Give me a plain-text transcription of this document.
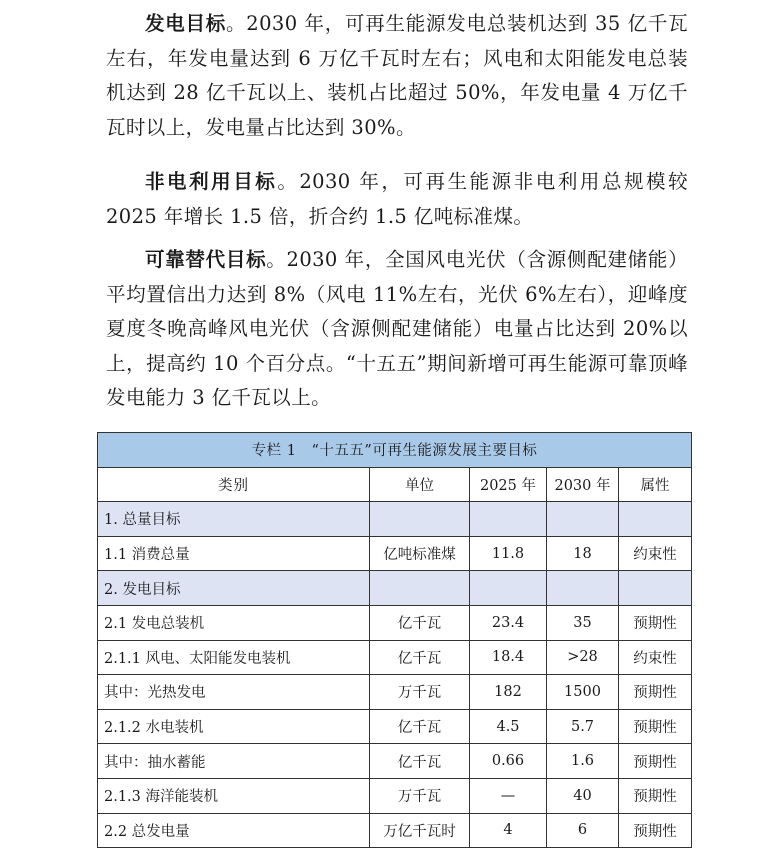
发电目标。2030 年，可再生能源发电总装机达到 35 亿千瓦左右，年发电量达到 6 万亿千瓦时左右；风电和太阳能发电总装机达到 28 亿千瓦以上、装机占比超过 50%，年发电量 4 万亿千瓦时以上，发电量占比达到 30%。

非电利用目标。2030 年，可再生能源非电利用总规模较 2025 年增长 1.5 倍，折合约 1.5 亿吨标准煤。

可靠替代目标。2030 年，全国风电光伏（含源侧配建储能）平均置信出力达到 8%（风电 11%左右，光伏 6%左右），迎峰度夏度冬晚高峰风电光伏（含源侧配建储能）电量占比达到 20%以上，提高约 10 个百分点。“十五五”期间新增可再生能源可靠顶峰发电能力 3 亿千瓦以上。

专栏 1　“十五五”可再生能源发展主要目标				
类别	单位	2025 年	2030 年	属性
1. 总量目标				
1.1 消费总量	亿吨标准煤	11.8	18	约束性
2. 发电目标				
2.1 发电总装机	亿千瓦	23.4	35	预期性
2.1.1 风电、太阳能发电装机	亿千瓦	18.4	>28	约束性
其中：光热发电	万千瓦	182	1500	预期性
2.1.2 水电装机	亿千瓦	4.5	5.7	预期性
其中：抽水蓄能	亿千瓦	0.66	1.6	预期性
2.1.3 海洋能装机	万千瓦	—	40	预期性
2.2 总发电量	万亿千瓦时	4	6	预期性
